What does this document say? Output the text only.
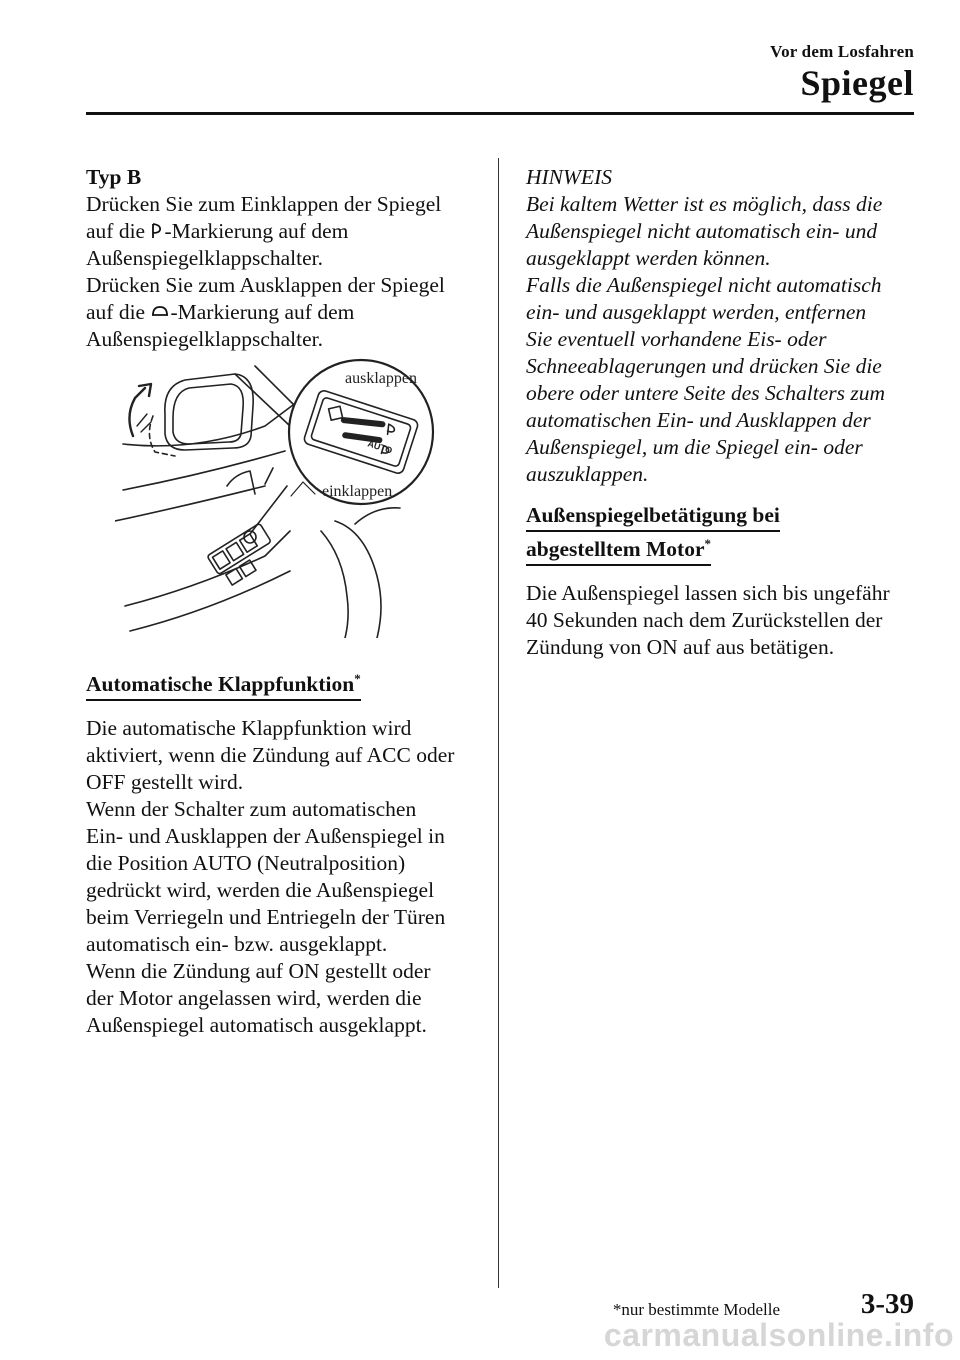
Vor dem Losfahren
Spiegel
Typ B

Drücken Sie zum Einklappen der Spiegel

auf die -Markierung auf dem

Außenspiegelklappschalter.

Drücken Sie zum Ausklappen der Spiegel

auf die -Markierung auf dem

Außenspiegelklappschalter.

Automatische Klappfunktion*

Die automatische Klappfunktion wird

aktiviert, wenn die Zündung auf ACC oder

OFF gestellt wird.

Wenn der Schalter zum automatischen

Ein- und Ausklappen der Außenspiegel in

die Position AUTO (Neutralposition)

gedrückt wird, werden die Außenspiegel

beim Verriegeln und Entriegeln der Türen

automatisch ein- bzw. ausgeklappt.

Wenn die Zündung auf ON gestellt oder

der Motor angelassen wird, werden die

Außenspiegel automatisch ausgeklappt.

AUTO
ausklappen
einklappen

HINWEIS

Bei kaltem Wetter ist es möglich, dass die

Außenspiegel nicht automatisch ein- und

ausgeklappt werden können.

Falls die Außenspiegel nicht automatisch

ein- und ausgeklappt werden, entfernen

Sie eventuell vorhandene Eis- oder

Schneeablagerungen und drücken Sie die

obere oder untere Seite des Schalters zum

automatischen Ein- und Ausklappen der

Außenspiegel, um die Spiegel ein- oder

auszuklappen.

Außenspiegelbetätigung bei
abgestelltem Motor*

Die Außenspiegel lassen sich bis ungefähr

40 Sekunden nach dem Zurückstellen der

Zündung von ON auf aus betätigen.

*nur bestimmte Modelle	3-39
carmanualsonline.info
